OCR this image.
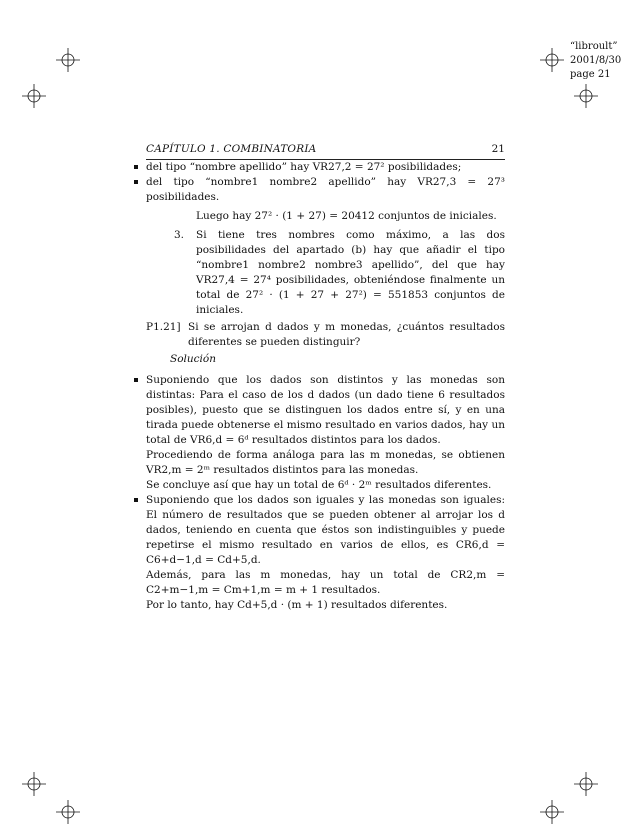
“libroult”
2001/8/30
page 21
CAPÍTULO 1. COMBINATORIA	21
del tipo “nombre apellido” hay VR27,2 = 27² posibilidades;
del tipo “nombre1 nombre2 apellido” hay VR27,3 = 27³ posibilidades.

Luego hay 27² · (1 + 27) = 20412 conjuntos de iniciales.

3. Si tiene tres nombres como máximo, a las dos posibilidades del apartado (b) hay que añadir el tipo “nombre1 nombre2 nombre3 apellido”, del que hay VR27,4 = 27⁴ posibilidades, obteniéndose finalmente un total de 27² · (1 + 27 + 27²) = 551853 conjuntos de iniciales.

P1.21] Si se arrojan d dados y m monedas, ¿cuántos resultados diferentes se pueden distinguir?

Solución

Suponiendo que los dados son distintos y las monedas son distintas: Para el caso de los d dados (un dado tiene 6 resultados posibles), puesto que se distinguen los dados entre sí, y en una tirada puede obtenerse el mismo resultado en varios dados, hay un total de VR6,d = 6ᵈ resultados distintos para los dados.

Procediendo de forma análoga para las m monedas, se obtienen VR2,m = 2ᵐ resultados distintos para las monedas.

Se concluye así que hay un total de 6ᵈ · 2ᵐ resultados diferentes.

Suponiendo que los dados son iguales y las monedas son iguales: El número de resultados que se pueden obtener al arrojar los d dados, teniendo en cuenta que éstos son indistinguibles y puede repetirse el mismo resultado en varios de ellos, es CR6,d = C6+d−1,d = Cd+5,d.

Además, para las m monedas, hay un total de CR2,m = C2+m−1,m = Cm+1,m = m + 1 resultados.

Por lo tanto, hay Cd+5,d · (m + 1) resultados diferentes.
